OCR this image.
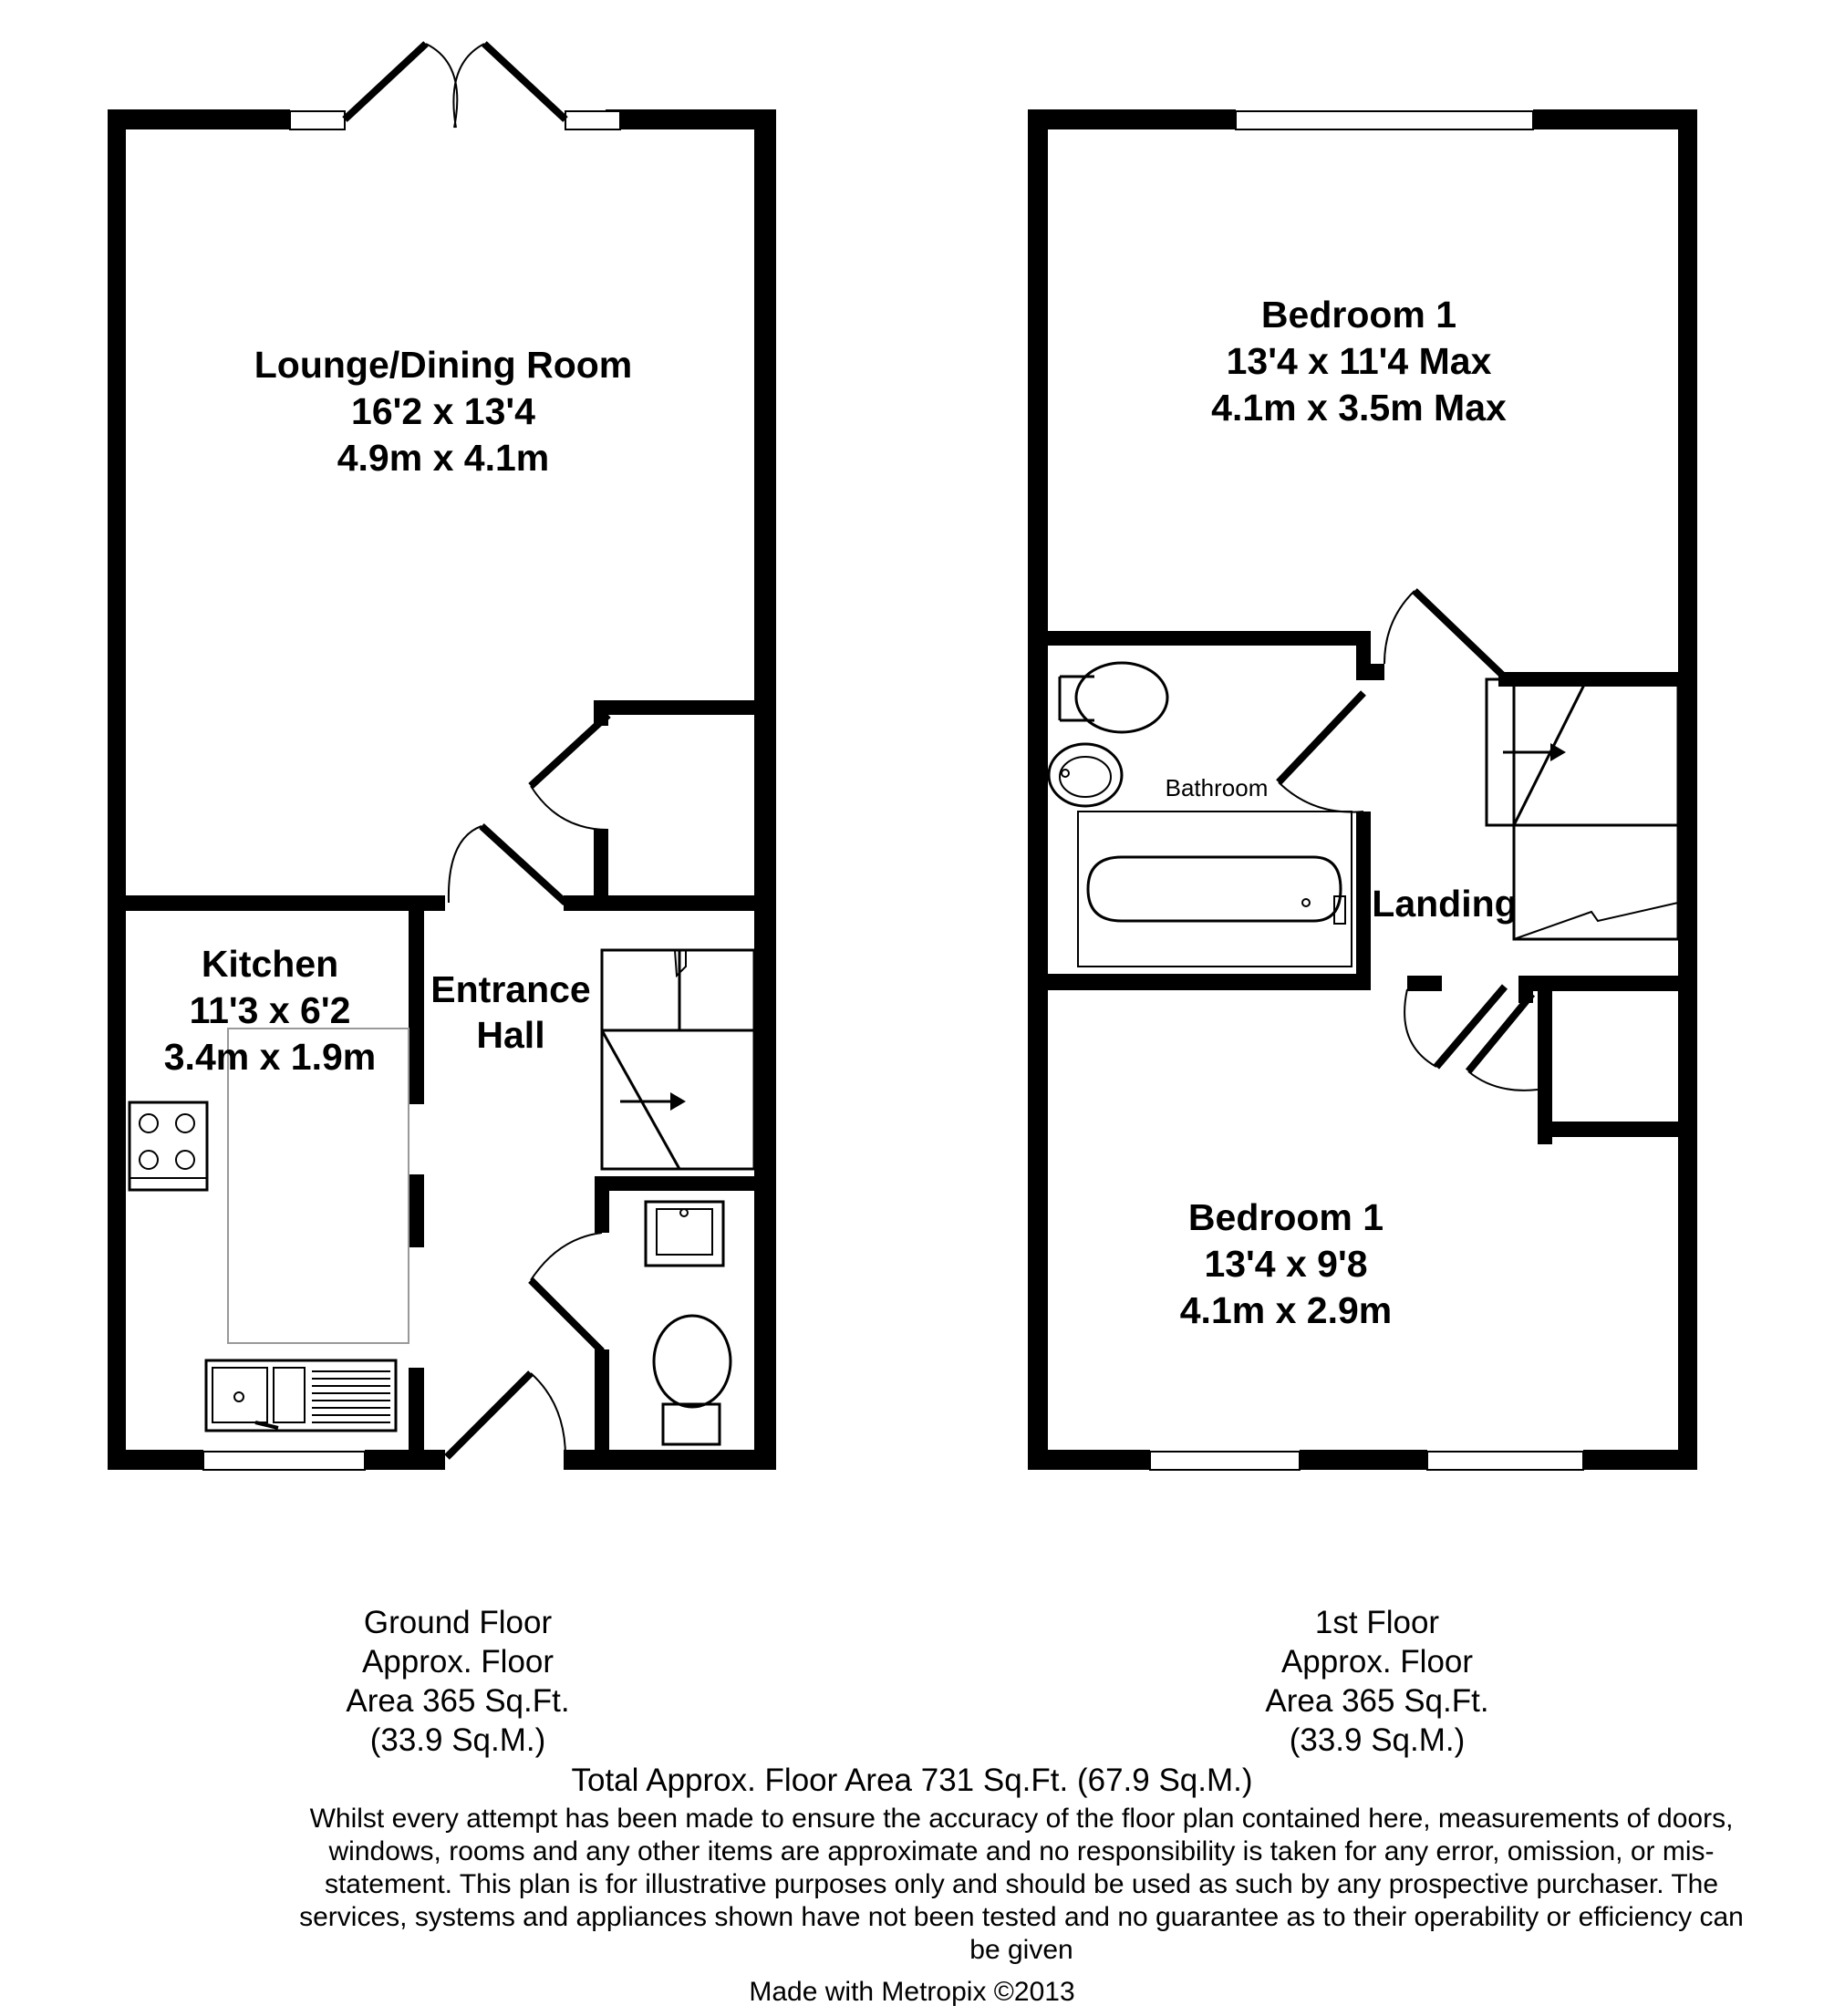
Lounge/Dining Room
16'2 x 13'4
4.9m x 4.1m
Kitchen
11'3 x 6'2
3.4m x 1.9m
Entrance
Hall
Bedroom 1
13'4 x 11'4 Max
4.1m x 3.5m Max
Bathroom
Landing
Bedroom 1
13'4 x 9'8
4.1m x 2.9m
Ground Floor
Approx. Floor
Area 365 Sq.Ft.
(33.9 Sq.M.)
1st Floor
Approx. Floor
Area 365 Sq.Ft.
(33.9 Sq.M.)
Total Approx. Floor Area 731 Sq.Ft. (67.9 Sq.M.)
Whilst every attempt has been made to ensure the accuracy of the floor plan contained here, measurements of doors, windows, rooms and any other items are approximate and no responsibility is taken for any error, omission, or mis-statement. This plan is for illustrative purposes only and should be used as such by any prospective purchaser. The services, systems and appliances shown have not been tested and no guarantee as to their operability or efficiency can be given
Made with Metropix ©2013
